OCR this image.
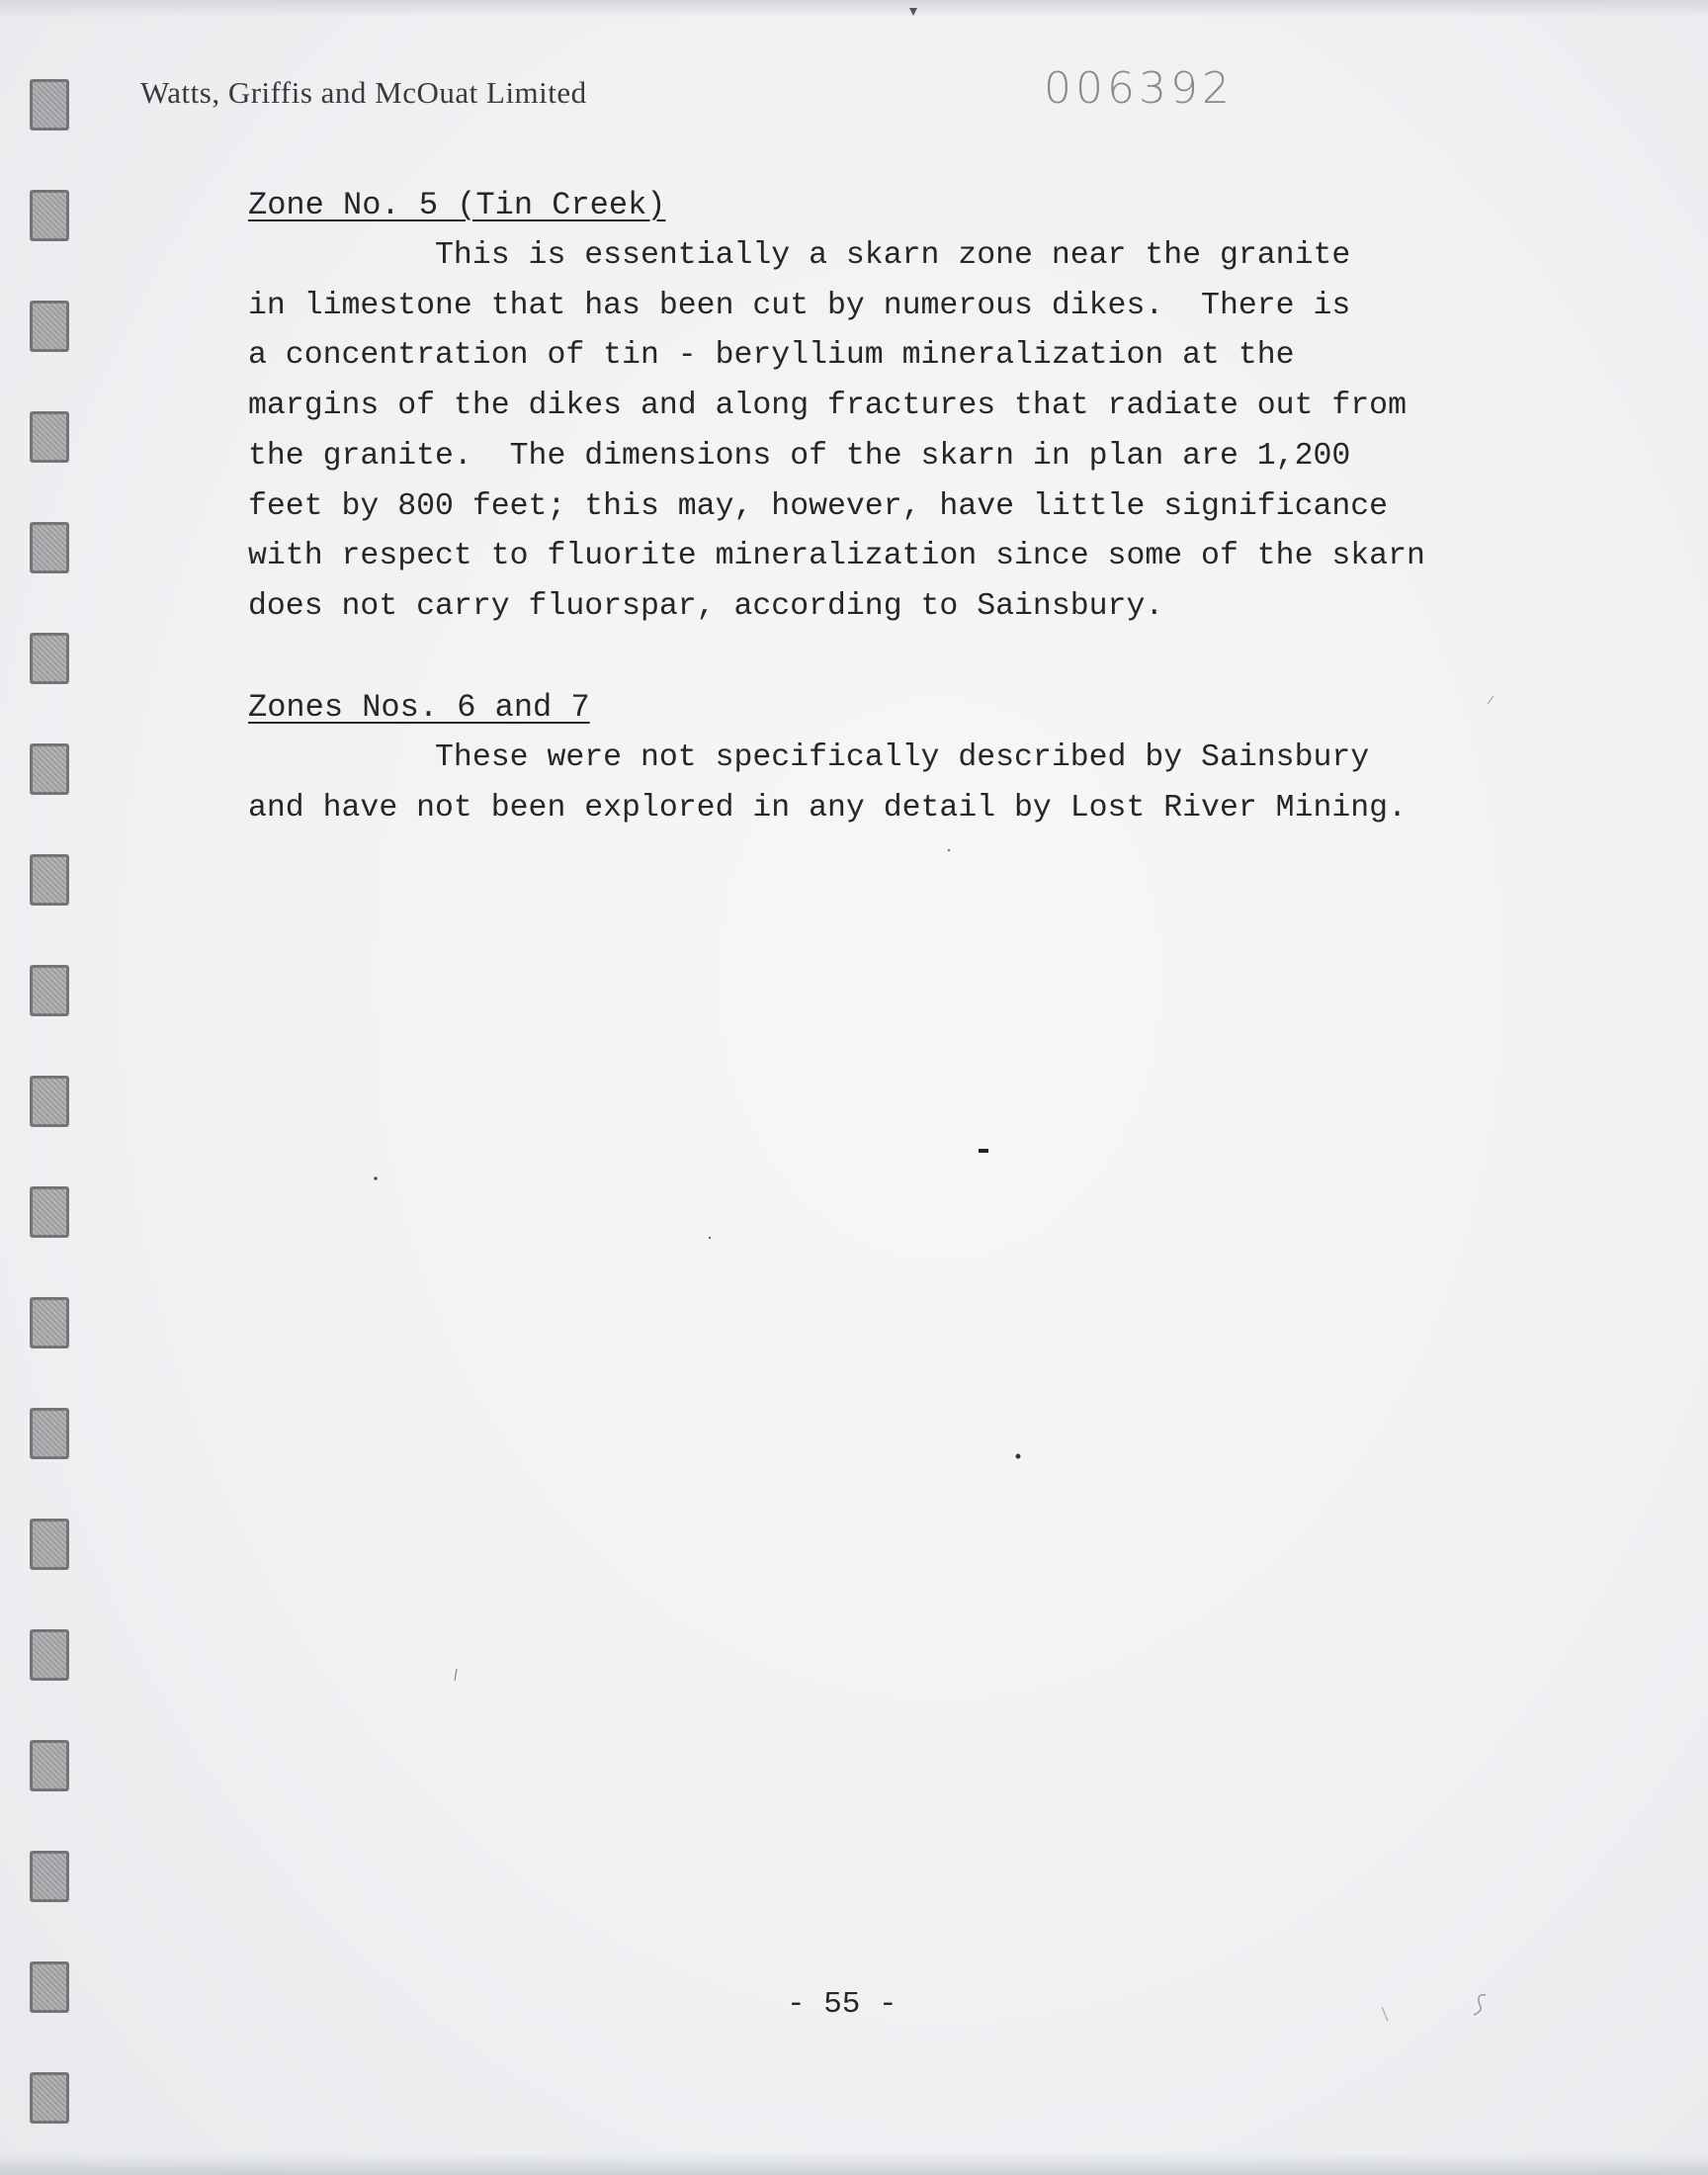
Watts, Griffis and McOuat Limited	006392
Zone No. 5 (Tin Creek)
This is essentially a skarn zone near the granite
in limestone that has been cut by numerous dikes.  There is
a concentration of tin - beryllium mineralization at the
margins of the dikes and along fractures that radiate out from
the granite.  The dimensions of the skarn in plan are 1,200
feet by 800 feet; this may, however, have little significance
with respect to fluorite mineralization since some of the skarn
does not carry fluorspar, according to Sainsbury.
Zones Nos. 6 and 7
These were not specifically described by Sainsbury
and have not been explored in any detail by Lost River Mining.
- 55 -
